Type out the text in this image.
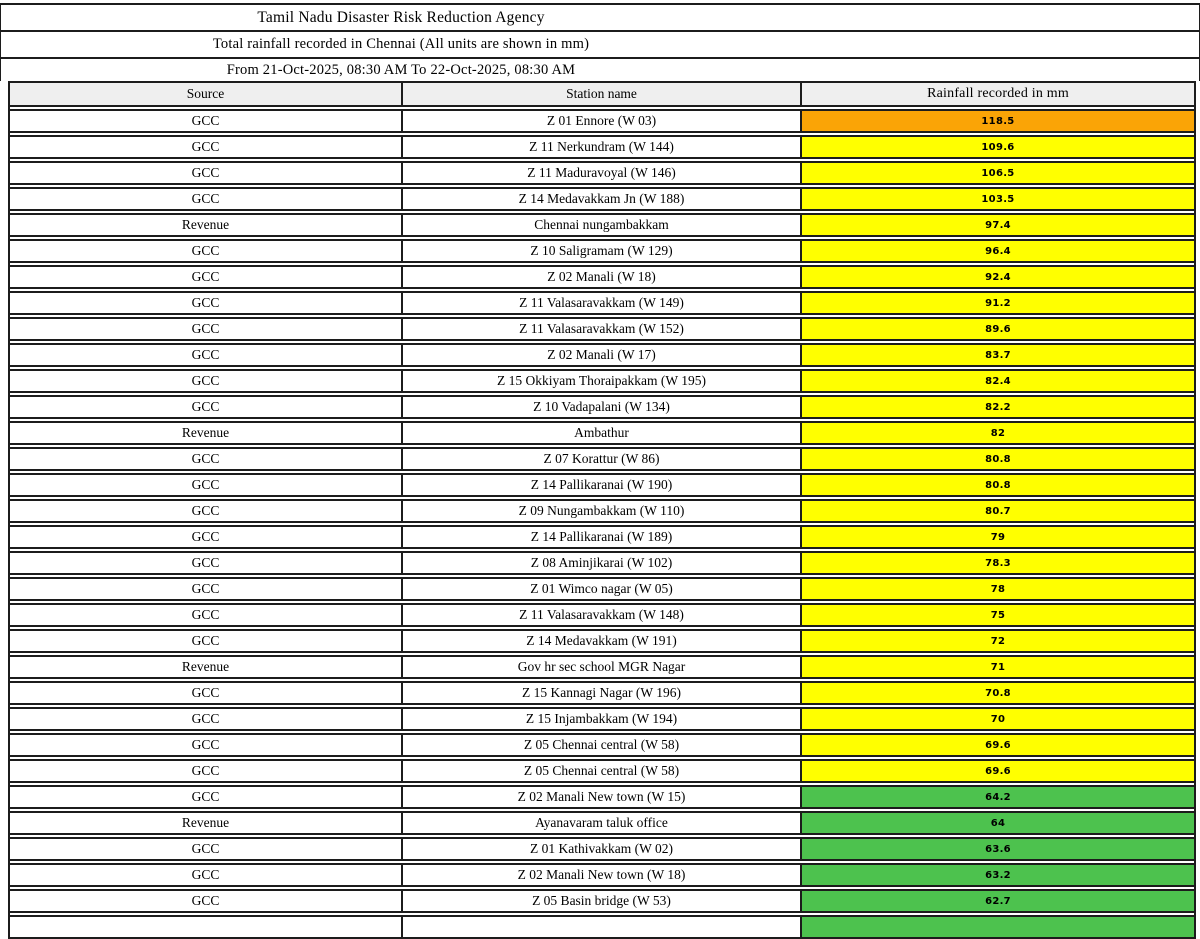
Tamil Nadu Disaster Risk Reduction Agency
Total rainfall recorded in Chennai (All units are shown in mm)
From 21-Oct-2025, 08:30 AM To 22-Oct-2025, 08:30 AM
Source	Station name	Rainfall recorded in mm
GCC	Z 01 Ennore (W 03)	118.5
GCC	Z 11 Nerkundram (W 144)	109.6
GCC	Z 11 Maduravoyal (W 146)	106.5
GCC	Z 14 Medavakkam Jn (W 188)	103.5
Revenue	Chennai nungambakkam	97.4
GCC	Z 10 Saligramam (W 129)	96.4
GCC	Z 02 Manali (W 18)	92.4
GCC	Z 11 Valasaravakkam (W 149)	91.2
GCC	Z 11 Valasaravakkam (W 152)	89.6
GCC	Z 02 Manali (W 17)	83.7
GCC	Z 15 Okkiyam Thoraipakkam (W 195)	82.4
GCC	Z 10 Vadapalani (W 134)	82.2
Revenue	Ambathur	82
GCC	Z 07 Korattur (W 86)	80.8
GCC	Z 14 Pallikaranai (W 190)	80.8
GCC	Z 09 Nungambakkam (W 110)	80.7
GCC	Z 14 Pallikaranai (W 189)	79
GCC	Z 08 Aminjikarai (W 102)	78.3
GCC	Z 01 Wimco nagar (W 05)	78
GCC	Z 11 Valasaravakkam (W 148)	75
GCC	Z 14 Medavakkam (W 191)	72
Revenue	Gov hr sec school MGR Nagar	71
GCC	Z 15 Kannagi Nagar (W 196)	70.8
GCC	Z 15 Injambakkam (W 194)	70
GCC	Z 05 Chennai central (W 58)	69.6
GCC	Z 05 Chennai central (W 58)	69.6
GCC	Z 02 Manali New town (W 15)	64.2
Revenue	Ayanavaram taluk office	64
GCC	Z 01 Kathivakkam (W 02)	63.6
GCC	Z 02 Manali New town (W 18)	63.2
GCC	Z 05 Basin bridge (W 53)	62.7
